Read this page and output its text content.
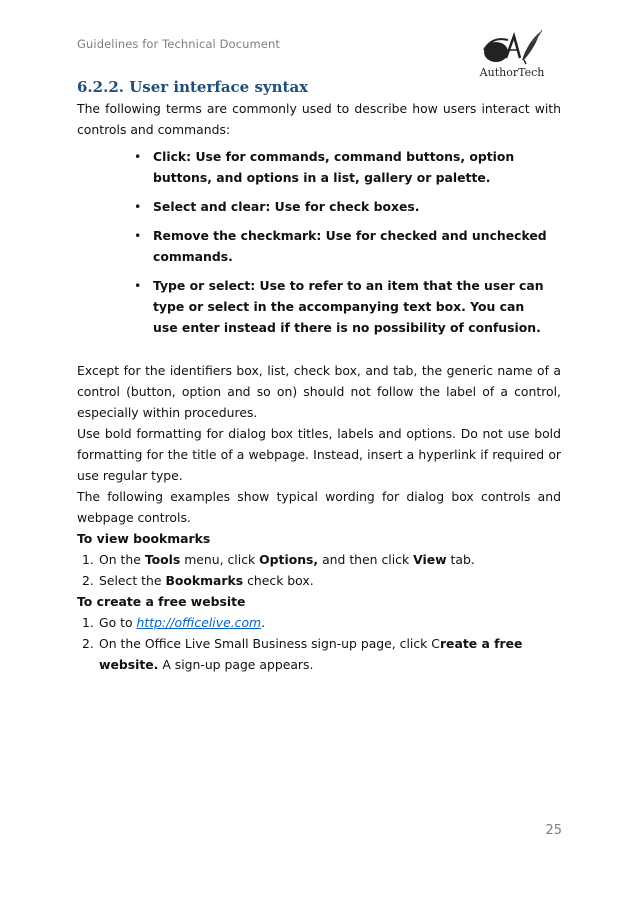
Guidelines for Technical Document
AuthorTech
6.2.2. User interface syntax

The following terms are commonly used to describe how users interact with controls and commands:

• Click: Use for commands, command buttons, option buttons, and options in a list, gallery or palette.
• Select and clear: Use for check boxes.
• Remove the checkmark: Use for checked and unchecked commands.
• Type or select: Use to refer to an item that the user can type or select in the accompanying text box. You can use enter instead if there is no possibility of confusion.

Except for the identifiers box, list, check box, and tab, the generic name of a control (button, option and so on) should not follow the label of a control, especially within procedures.

Use bold formatting for dialog box titles, labels and options. Do not use bold formatting for the title of a webpage. Instead, insert a hyperlink if required or use regular type.

The following examples show typical wording for dialog box controls and webpage controls.

To view bookmarks
1. On the Tools menu, click Options, and then click View tab.
2. Select the Bookmarks check box.
To create a free website
1. Go to http://officelive.com.
2. On the Office Live Small Business sign-up page, click Create a free website. A sign-up page appears.
25
